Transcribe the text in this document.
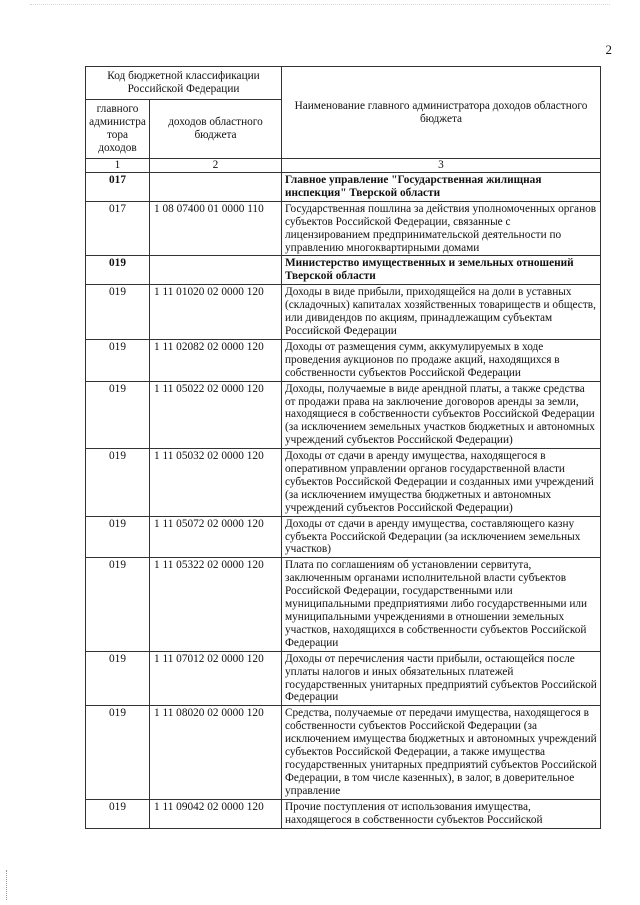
2
Код бюджетной классификации Российской Федерации		Наименование главного администратора доходов областного бюджета
главного администра тора доходов	доходов областного бюджета	
1	2	3
017		Главное управление "Государственная жилищная инспекция" Тверской области
017	1 08 07400 01 0000 110	Государственная пошлина за действия уполномоченных органов субъектов Российской Федерации, связанные с лицензированием предпринимательской деятельности по управлению многоквартирными домами
019		Министерство имущественных и земельных отношений Тверской области
019	1 11 01020 02 0000 120	Доходы в виде прибыли, приходящейся на доли в уставных (складочных) капиталах хозяйственных товариществ и обществ, или дивидендов по акциям, принадлежащим субъектам Российской Федерации
019	1 11 02082 02 0000 120	Доходы от размещения сумм, аккумулируемых в ходе проведения аукционов по продаже акций, находящихся в собственности субъектов Российской Федерации
019	1 11 05022 02 0000 120	Доходы, получаемые в виде арендной платы, а также средства от продажи права на заключение договоров аренды за земли, находящиеся в собственности субъектов Российской Федерации (за исключением земельных участков бюджетных и автономных учреждений субъектов Российской Федерации)
019	1 11 05032 02 0000 120	Доходы от сдачи в аренду имущества, находящегося в оперативном управлении органов государственной власти субъектов Российской Федерации и созданных ими учреждений (за исключением имущества бюджетных и автономных учреждений субъектов Российской Федерации)
019	1 11 05072 02 0000 120	Доходы от сдачи в аренду имущества, составляющего казну субъекта Российской Федерации (за исключением земельных участков)
019	1 11 05322 02 0000 120	Плата по соглашениям об установлении сервитута, заключенным органами исполнительной власти субъектов Российской Федерации, государственными или муниципальными предприятиями либо государственными или муниципальными учреждениями в отношении земельных участков, находящихся в собственности субъектов Российской Федерации
019	1 11 07012 02 0000 120	Доходы от перечисления части прибыли, остающейся после уплаты налогов и иных обязательных платежей государственных унитарных предприятий субъектов Российской Федерации
019	1 11 08020 02 0000 120	Средства, получаемые от передачи имущества, находящегося в собственности субъектов Российской Федерации (за исключением имущества бюджетных и автономных учреждений субъектов Российской Федерации, а также имущества государственных унитарных предприятий субъектов Российской Федерации, в том числе казенных), в залог, в доверительное управление
019	1 11 09042 02 0000 120	Прочие поступления от использования имущества, находящегося в собственности субъектов Российской
